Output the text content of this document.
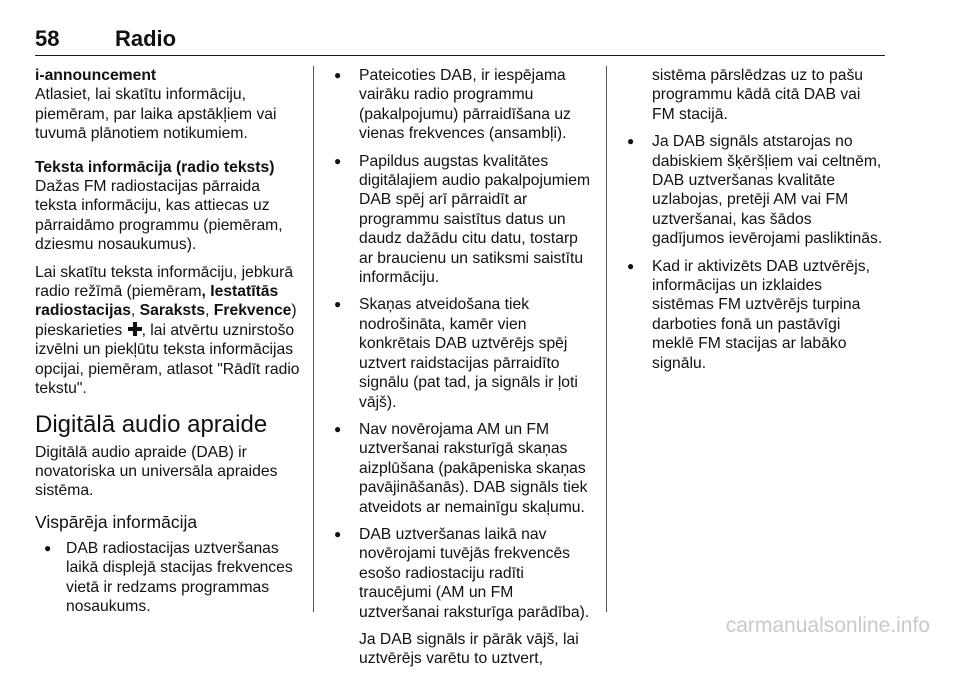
58	Radio
i-announcement

Atlasiet, lai skatītu informāciju, piemēram, par laika apstākļiem vai tuvumā plānotiem notikumiem.

Teksta informācija (radio teksts)

Dažas FM radiostacijas pārraida teksta informāciju, kas attiecas uz pārraidāmo programmu (piemēram, dziesmu nosaukumus).

Lai skatītu teksta informāciju, jebkurā radio režīmā (piemēram, Iestatītās radiostacijas, Saraksts, Frekvence) pieskarieties , lai atvērtu uznirstošo izvēlni un piekļūtu teksta informācijas opcijai, piemēram, atlasot "Rādīt radio tekstu".

Digitālā audio apraide

Digitālā audio apraide (DAB) ir novatoriska un universāla apraides sistēma.

Vispārēja informācija
● DAB radiostacijas uztveršanas laikā displejā stacijas frekvences vietā ir redzams programmas nosaukums.
● Pateicoties DAB, ir iespējama vairāku radio programmu (pakalpojumu) pārraidīšana uz vienas frekvences (ansambļi).
● Papildus augstas kvalitātes digitālajiem audio pakalpojumiem DAB spēj arī pārraidīt ar programmu saistītus datus un daudz dažādu citu datu, tostarp ar braucienu un satiksmi saistītu informāciju.
● Skaņas atveidošana tiek nodrošināta, kamēr vien konkrētais DAB uztvērējs spēj uztvert raidstacijas pārraidīto signālu (pat tad, ja signāls ir ļoti vājš).
● Nav novērojama AM un FM uztveršanai raksturīgā skaņas aizplūšana (pakāpeniska skaņas pavājināšanās). DAB signāls tiek atveidots ar nemainīgu skaļumu.
● DAB uztveršanas laikā nav novērojami tuvējās frekvencēs esošo radiostaciju radīti traucējumi (AM un FM uztveršanai raksturīga parādība).
Ja DAB signāls ir pārāk vājš, lai uztvērējs varētu to uztvert,
sistēma pārslēdzas uz to pašu programmu kādā citā DAB vai FM stacijā.
● Ja DAB signāls atstarojas no dabiskiem šķēršļiem vai celtnēm, DAB uztveršanas kvalitāte uzlabojas, pretēji AM vai FM uztveršanai, kas šādos gadījumos ievērojami pasliktinās.
● Kad ir aktivizēts DAB uztvērējs, informācijas un izklaides sistēmas FM uztvērējs turpina darboties fonā un pastāvīgi meklē FM stacijas ar labāko signālu.
carmanualsonline.info
